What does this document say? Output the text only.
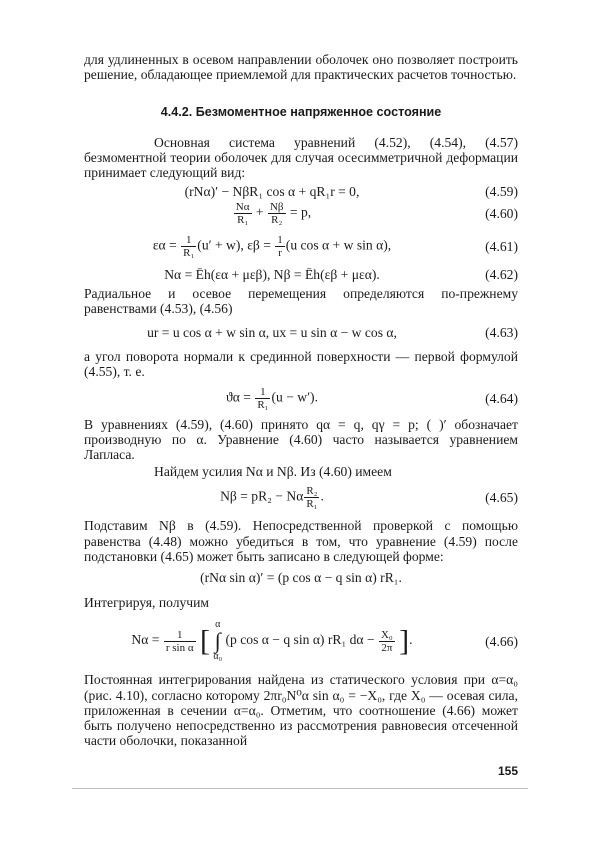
для удлиненных в осевом направлении оболочек оно позволяет построить решение, обладающее приемлемой для практических расчетов точностью.

4.4.2. Безмоментное напряженное состояние

Основная система уравнений (4.52), (4.54), (4.57) безмоментной теории оболочек для случая осесимметричной деформации принимает следующий вид:

(rNα)′ − NβR₁ cos α + qR₁r = 0,	(4.59)
$\frac{N\alpha}{\text{R₁}} + \frac{N\beta}{\text{R₂}} = p$,	(4.60)
$\varepsilon\alpha = \frac{1}{\text{R₁}} (u' + w)$, $\varepsilon\beta = \frac{1}{r} (u$ cos α + w sin α),	(4.61)
Nα = Ēh(εα + μεβ), Nβ = Ēh(εβ + μεα).	(4.62)

Радиальное и осевое перемещения определяются по-прежнему равенствами (4.53), (4.56)

ur = u cos α + w sin α, ux = u sin α − w cos α,	(4.63)

а угол поворота нормали к срединной поверхности — первой формулой (4.55), т. е.

$ϑ\alpha = \frac{1}{\text{R₁}} (u - w')$.	(4.64)

В уравнениях (4.59), (4.60) принято qα = q, qγ = p; ( )′ обозначает производную по α. Уравнение (4.60) часто называется уравнением Лапласа.

Найдем усилия Nα и Nβ. Из (4.60) имеем

Nβ = pR₂ − Nα $\frac{\text{R₂}}{\text{R₁}}$ .	(4.65)

Подставим Nβ в (4.59). Непосредственной проверкой с помощью равенства (4.48) можно убедиться в том, что уравнение (4.59) после подстановки (4.65) может быть записано в следующей форме:

(rNα sin α)′ = (p cos α − q sin α) rR₁.

Интегрируя, получим

$N\alpha = \frac{1}{\text{r sin α}}$ [ α
∫
α₀
(p cos α − q sin α) rR₁ $d\alpha - \frac{\text{X₀}}{2\pi}$ ].	(4.66)

Постоянная интегрирования найдена из статического условия при α=α₀ (рис. 4.10), согласно которому 2πr₀N⁰α sin α₀ = −X₀, где X₀ — осевая сила, приложенная в сечении α=α₀. Отметим, что соотношение (4.66) может быть получено непосредственно из рассмотрения равновесия отсеченной части оболочки, показанной

155
